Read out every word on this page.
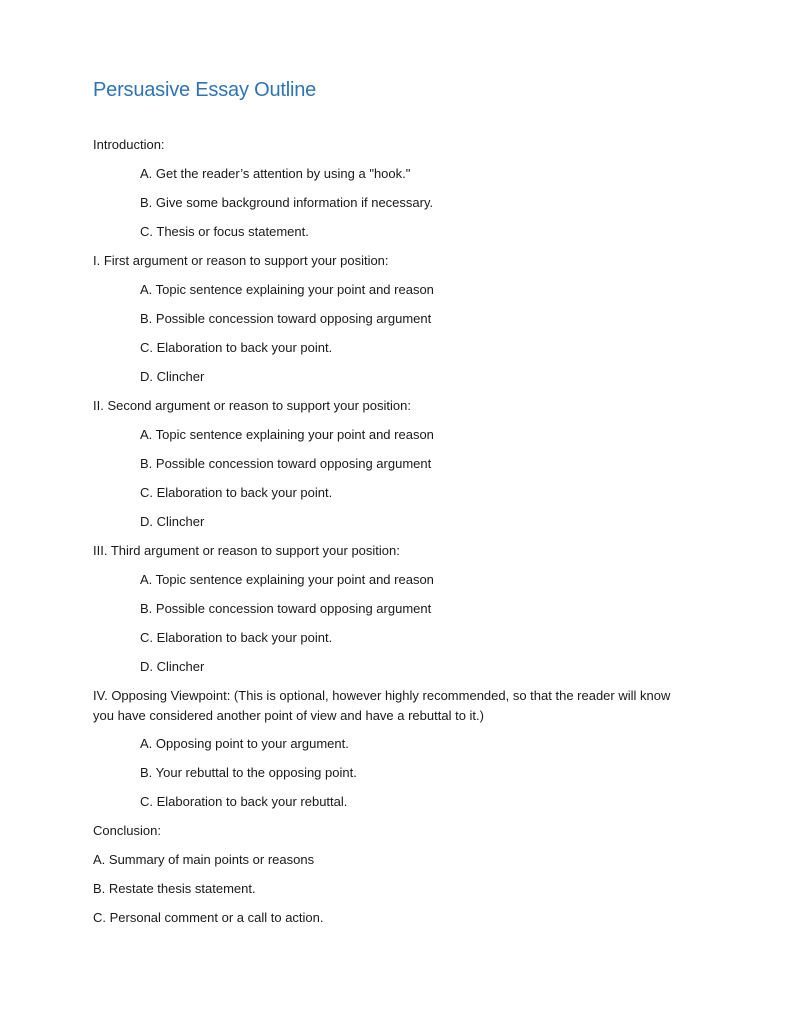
Persuasive Essay Outline
Introduction:
A. Get the reader’s attention by using a "hook."
B. Give some background information if necessary.
C. Thesis or focus statement.
I. First argument or reason to support your position:
A. Topic sentence explaining your point and reason
B. Possible concession toward opposing argument
C. Elaboration to back your point.
D. Clincher
II. Second argument or reason to support your position:
A. Topic sentence explaining your point and reason
B. Possible concession toward opposing argument
C. Elaboration to back your point.
D. Clincher
III. Third argument or reason to support your position:
A. Topic sentence explaining your point and reason
B. Possible concession toward opposing argument
C. Elaboration to back your point.
D. Clincher
IV. Opposing Viewpoint: (This is optional, however highly recommended, so that the reader will know you have considered another point of view and have a rebuttal to it.)
A. Opposing point to your argument.
B. Your rebuttal to the opposing point.
C. Elaboration to back your rebuttal.
Conclusion:
A. Summary of main points or reasons
B. Restate thesis statement.
C. Personal comment or a call to action.
